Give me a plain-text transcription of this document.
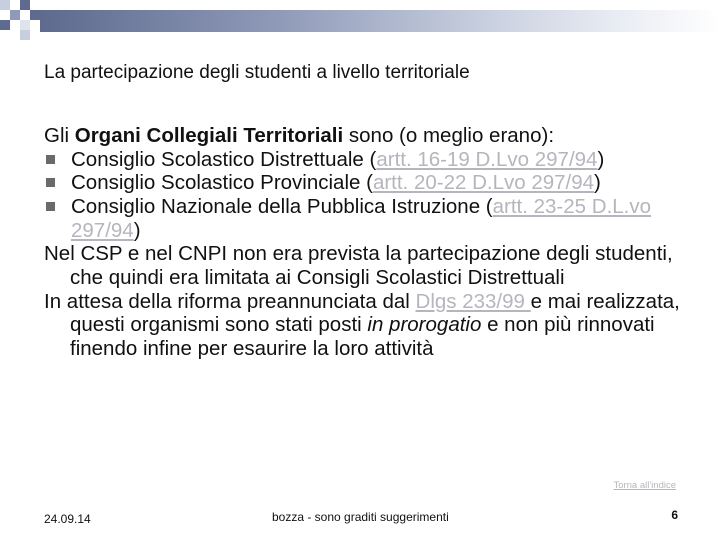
La partecipazione degli studenti a livello territoriale

Gli Organi Collegiali Territoriali sono (o meglio erano):

Consiglio Scolastico Distrettuale (artt. 16-19 D.Lvo 297/94)
Consiglio Scolastico Provinciale (artt. 20-22 D.Lvo 297/94)
Consiglio Nazionale della Pubblica Istruzione (artt. 23-25 D.L.vo 297/94)

Nel CSP e nel CNPI non era prevista la partecipazione degli studenti, che quindi era limitata ai Consigli Scolastici Distrettuali

In attesa della riforma preannunciata dal Dlgs 233/99 e mai realizzata, questi organismi sono stati posti in prorogatio e non più rinnovati finendo infine per esaurire la loro attività

Torna all'indice
24.09.14	bozza - sono graditi suggerimenti	6
